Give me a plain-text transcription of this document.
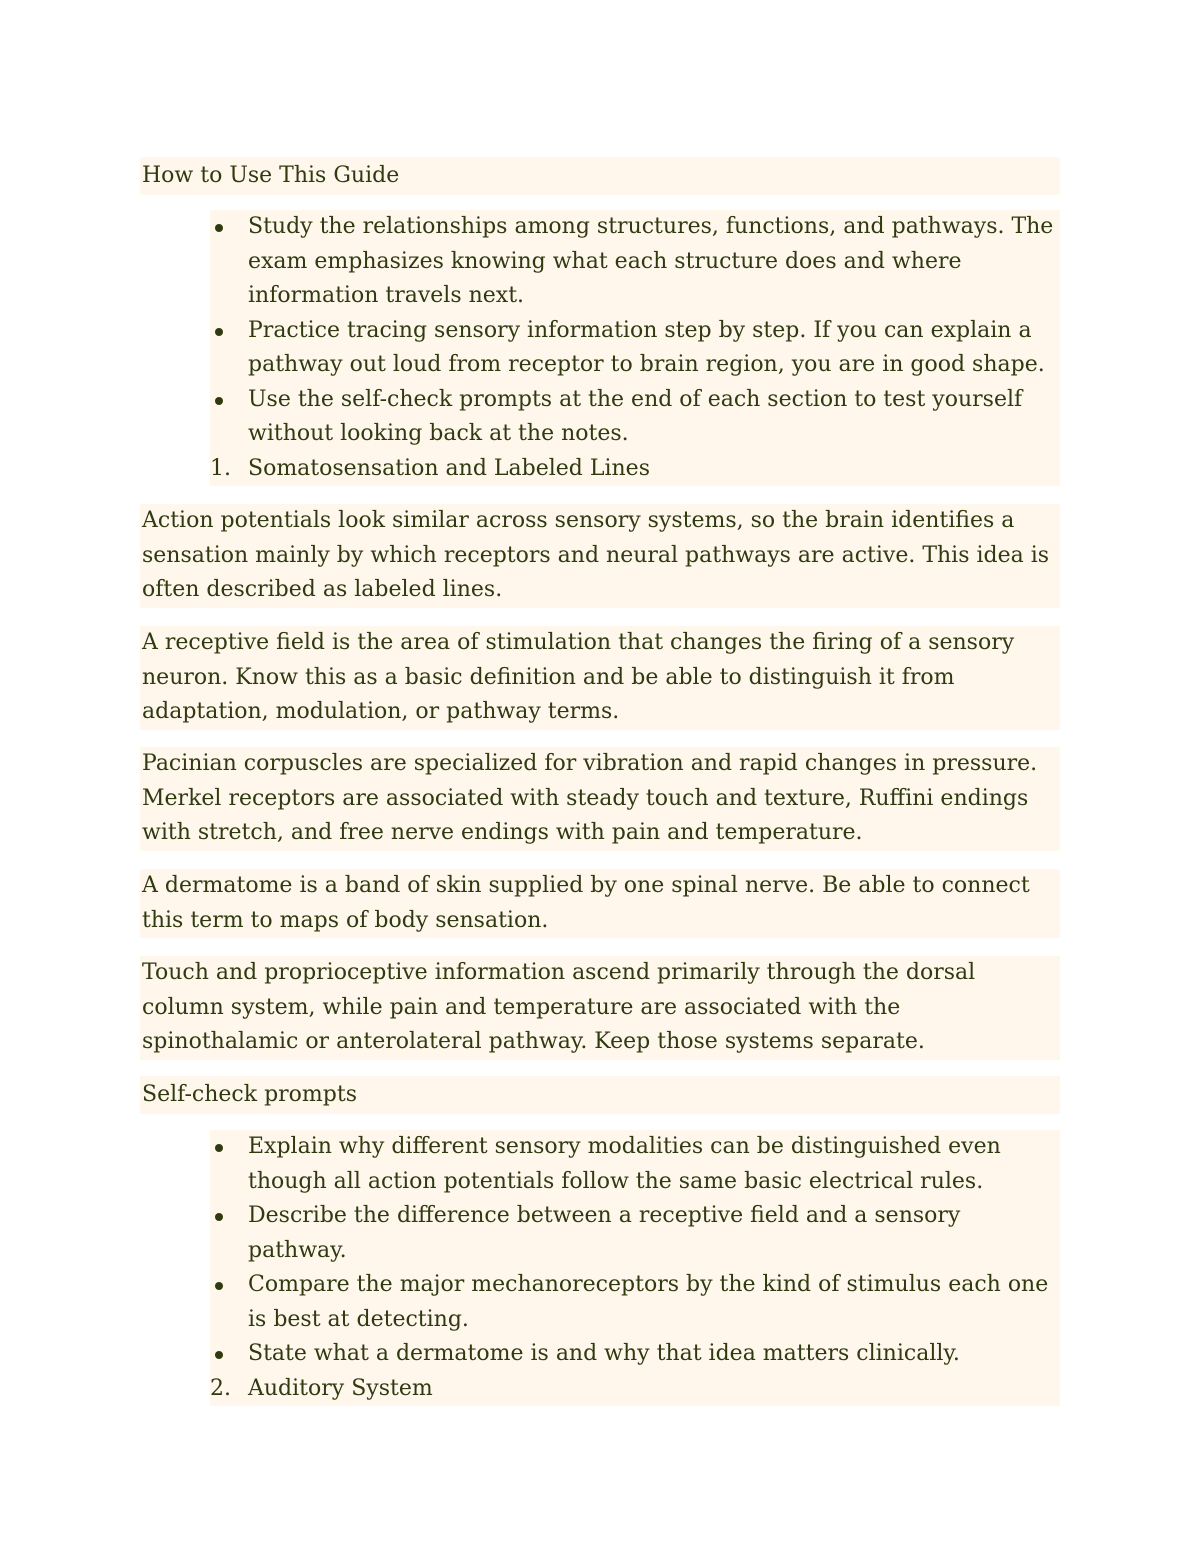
How to Use This Guide
Study the relationships among structures, functions, and pathways. The exam emphasizes knowing what each structure does and where information travels next.
Practice tracing sensory information step by step. If you can explain a pathway out loud from receptor to brain region, you are in good shape.
Use the self-check prompts at the end of each section to test yourself without looking back at the notes.
1. Somatosensation and Labeled Lines
Action potentials look similar across sensory systems, so the brain identifies a sensation mainly by which receptors and neural pathways are active. This idea is often described as labeled lines.
A receptive field is the area of stimulation that changes the firing of a sensory neuron. Know this as a basic definition and be able to distinguish it from adaptation, modulation, or pathway terms.
Pacinian corpuscles are specialized for vibration and rapid changes in pressure. Merkel receptors are associated with steady touch and texture, Ruffini endings with stretch, and free nerve endings with pain and temperature.
A dermatome is a band of skin supplied by one spinal nerve. Be able to connect this term to maps of body sensation.
Touch and proprioceptive information ascend primarily through the dorsal column system, while pain and temperature are associated with the spinothalamic or anterolateral pathway. Keep those systems separate.
Self-check prompts
Explain why different sensory modalities can be distinguished even though all action potentials follow the same basic electrical rules.
Describe the difference between a receptive field and a sensory pathway.
Compare the major mechanoreceptors by the kind of stimulus each one is best at detecting.
State what a dermatome is and why that idea matters clinically.
2. Auditory System
